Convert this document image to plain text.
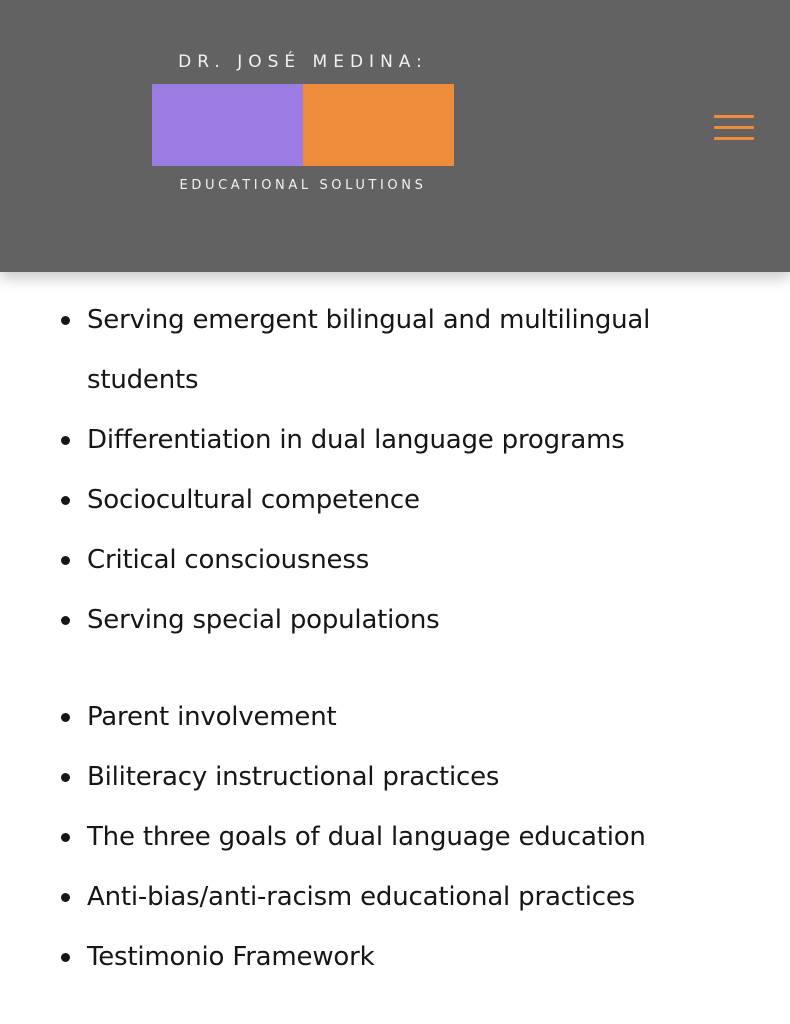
DR. JOSÉ MEDINA:
EDUCATIONAL SOLUTIONS
Serving emergent bilingual and multilingual students
Differentiation in dual language programs
Sociocultural competence
Critical consciousness
Serving special populations
Parent involvement
Biliteracy instructional practices
The three goals of dual language education
Anti-bias/anti-racism educational practices
Testimonio Framework
